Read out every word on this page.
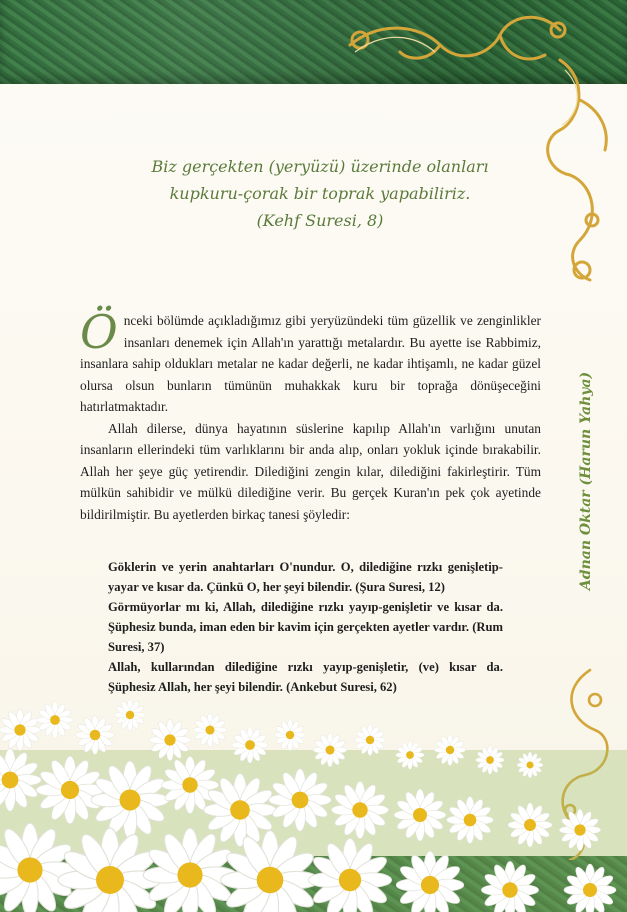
Biz gerçekten (yeryüzü) üzerinde olanları
kupkuru-çorak bir toprak yapabiliriz.
(Kehf Suresi, 8)

Önceki bölümde açıkladığımız gibi yeryüzündeki tüm güzellik ve zenginlikler insanları denemek için Allah'ın yarattığı metalardır. Bu ayette ise Rabbimiz, insanlara sahip oldukları metalar ne kadar değerli, ne kadar ihtişamlı, ne kadar güzel olursa olsun bunların tümünün muhakkak kuru bir toprağa dönüşeceğini hatırlatmaktadır.

Allah dilerse, dünya hayatının süslerine kapılıp Allah'ın varlığını unutan insanların ellerindeki tüm varlıklarını bir anda alıp, onları yokluk içinde bırakabilir. Allah her şeye güç yetirendir. Dilediğini zengin kılar, dilediğini fakirleştirir. Tüm mülkün sahibidir ve mülkü dilediğine verir. Bu gerçek Kuran'ın pek çok ayetinde bildirilmiştir. Bu ayetlerden birkaç tanesi şöyledir:

Göklerin ve yerin anahtarları O'nundur. O, dilediğine rızkı genişletip-yayar ve kısar da. Çünkü O, her şeyi bilendir. (Şura Suresi, 12)
Görmüyorlar mı ki, Allah, dilediğine rızkı yayıp-genişletir ve kısar da. Şüphesiz bunda, iman eden bir kavim için gerçekten ayetler vardır. (Rum Suresi, 37)
Allah, kullarından dilediğine rızkı yayıp-genişletir, (ve) kısar da. Şüphesiz Allah, her şeyi bilendir. (Ankebut Suresi, 62)
Adnan Oktar (Harun Yahya)
